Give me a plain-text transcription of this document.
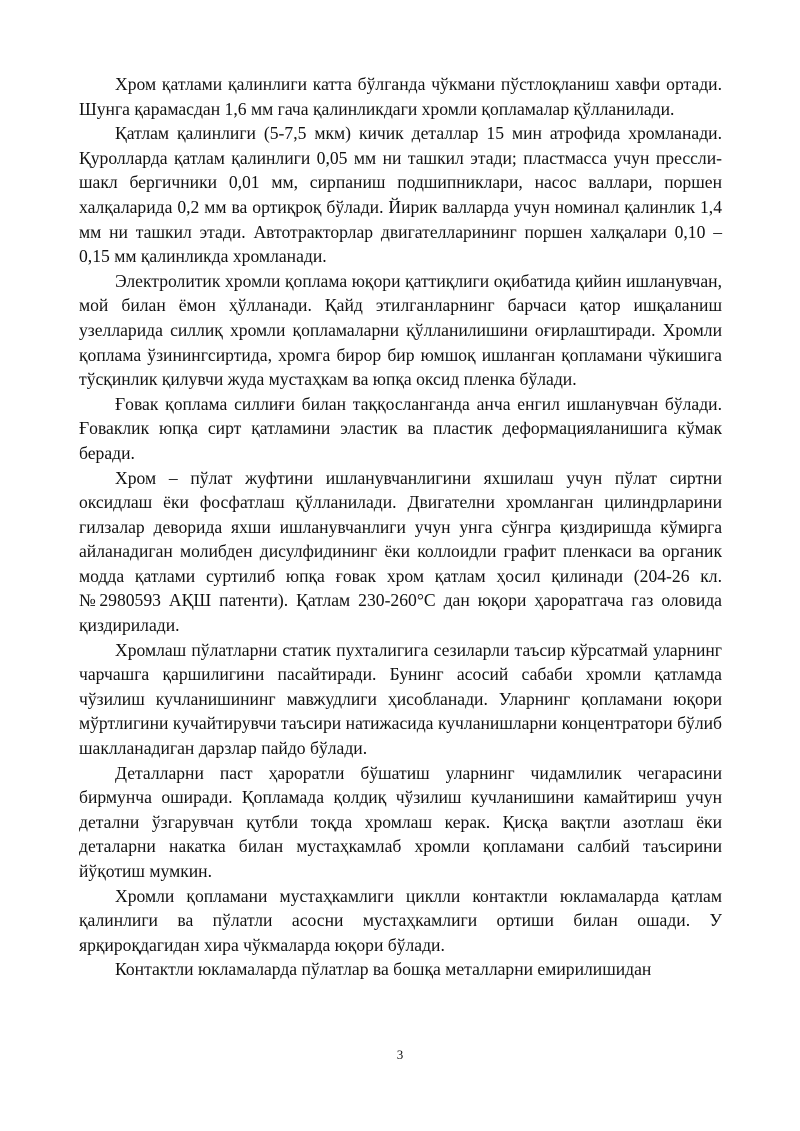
Хром қатлами қалинлиги катта бўлганда чўкмани пўстлоқланиш хавфи ортади. Шунга қарамасдан 1,6 мм гача қалинликдаги хромли қопламалар қўлланилади.

Қатлам қалинлиги (5-7,5 мкм) кичик деталлар 15 мин атрофида хромланади. Қуролларда қатлам қалинлиги 0,05 мм ни ташкил этади; пластмасса учун прессли-шакл бергичники 0,01 мм, сирпаниш подшипниклари, насос валлари, поршен халқаларида 0,2 мм ва ортиқроқ бўлади. Йирик валларда учун номинал қалинлик 1,4 мм ни ташкил этади. Автотракторлар двигателларининг поршен халқалари 0,10 – 0,15 мм қалинликда хромланади.

Электролитик хромли қоплама юқори қаттиқлиги оқибатида қийин ишланувчан, мой билан ёмон ҳўлланади. Қайд этилганларнинг барчаси қатор ишқаланиш узелларида силлиқ хромли қопламаларни қўлланилишини оғирлаштиради. Хромли қоплама ўзинингсиртида, хромга бирор бир юмшоқ ишланган қопламани чўкишига тўсқинлик қилувчи жуда мустаҳкам ва юпқа оксид пленка бўлади.

Ғовак қоплама силлиғи билан таққосланганда анча енгил ишланувчан бўлади. Ғоваклик юпқа сирт қатламини эластик ва пластик деформацияланишига кўмак беради.

Хром – пўлат жуфтини ишланувчанлигини яхшилаш учун пўлат сиртни оксидлаш ёки фосфатлаш қўлланилади. Двигателни хромланган цилиндрларини гилзалар деворида яхши ишланувчанлиги учун унга сўнгра қиздиришда кўмирга айланадиган молибден дисулфидининг ёки коллоидли графит пленкаси ва органик модда қатлами суртилиб юпқа ғовак хром қатлам ҳосил қилинади (204-26 кл.№2980593 АҚШ патенти). Қатлам 230-260°С дан юқори ҳароратгача газ оловида қиздирилади.

Хромлаш пўлатларни статик пухталигига сезиларли таъсир кўрсатмай уларнинг чарчашга қаршилигини пасайтиради. Бунинг асосий сабаби хромли қатламда чўзилиш кучланишининг мавжудлиги ҳисобланади. Уларнинг қопламани юқори мўртлигини кучайтирувчи таъсири натижасида кучланишларни концентратори бўлиб шаклланадиган дарзлар пайдо бўлади.

Деталларни паст ҳароратли бўшатиш уларнинг чидамлилик чегарасини бирмунча оширади. Қопламада қолдиқ чўзилиш кучланишини камайтириш учун детални ўзгарувчан қутбли тоқда хромлаш керак. Қисқа вақтли азотлаш ёки деталарни накатка билан мустаҳкамлаб хромли қопламани салбий таъсирини йўқотиш мумкин.

Хромли қопламани мустаҳкамлиги циклли контактли юкламаларда қатлам қалинлиги ва пўлатли асосни мустаҳкамлиги ортиши билан ошади. У ярқироқдагидан хира чўкмаларда юқори бўлади.

Контактли юкламаларда пўлатлар ва бошқа металларни емирилишидан

3
